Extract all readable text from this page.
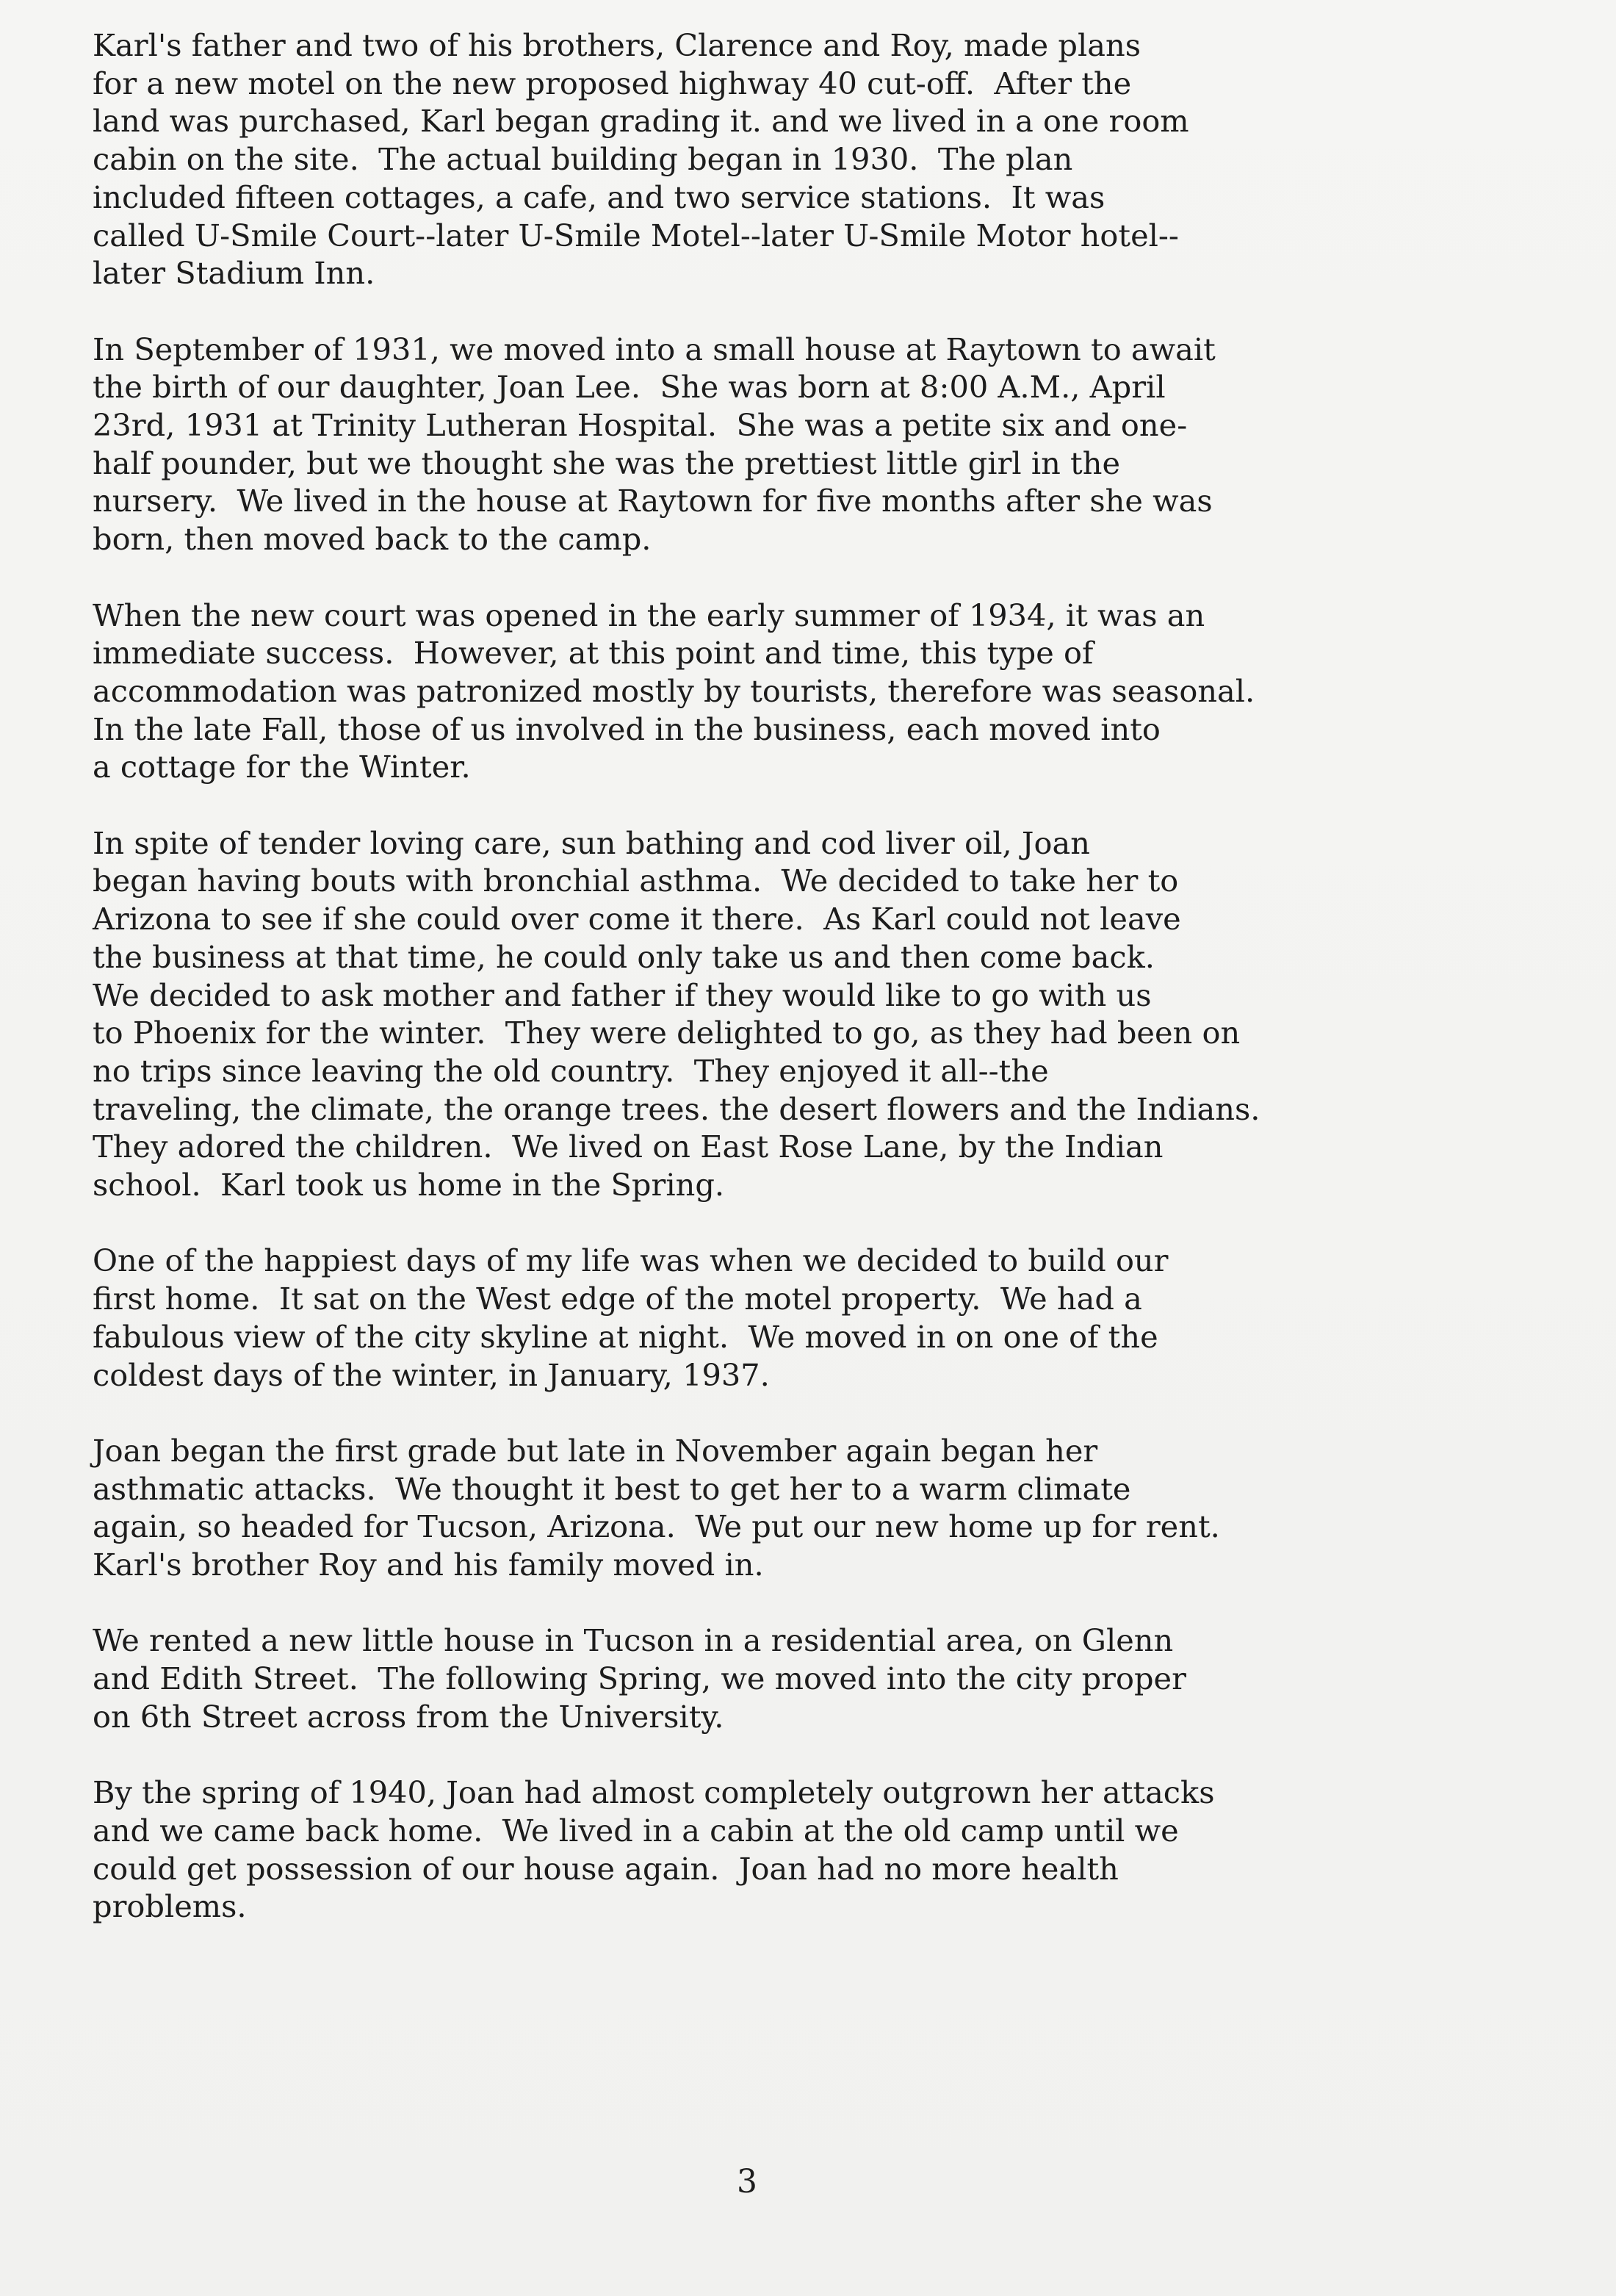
Karl's father and two of his brothers, Clarence and Roy, made plans
for a new motel on the new proposed highway 40 cut-off.  After the
land was purchased, Karl began grading it. and we lived in a one room
cabin on the site.  The actual building began in 1930.  The plan
included fifteen cottages, a cafe, and two service stations.  It was
called U-Smile Court--later U-Smile Motel--later U-Smile Motor hotel--
later Stadium Inn.
In September of 1931, we moved into a small house at Raytown to await
the birth of our daughter, Joan Lee.  She was born at 8:00 A.M., April
23rd, 1931 at Trinity Lutheran Hospital.  She was a petite six and one-
half pounder, but we thought she was the prettiest little girl in the
nursery.  We lived in the house at Raytown for five months after she was
born, then moved back to the camp.
When the new court was opened in the early summer of 1934, it was an
immediate success.  However, at this point and time, this type of
accommodation was patronized mostly by tourists, therefore was seasonal.
In the late Fall, those of us involved in the business, each moved into
a cottage for the Winter.
In spite of tender loving care, sun bathing and cod liver oil, Joan
began having bouts with bronchial asthma.  We decided to take her to
Arizona to see if she could over come it there.  As Karl could not leave
the business at that time, he could only take us and then come back.
We decided to ask mother and father if they would like to go with us
to Phoenix for the winter.  They were delighted to go, as they had been on
no trips since leaving the old country.  They enjoyed it all--the
traveling, the climate, the orange trees. the desert flowers and the Indians.
They adored the children.  We lived on East Rose Lane, by the Indian
school.  Karl took us home in the Spring.
One of the happiest days of my life was when we decided to build our
first home.  It sat on the West edge of the motel property.  We had a
fabulous view of the city skyline at night.  We moved in on one of the
coldest days of the winter, in January, 1937.
Joan began the first grade but late in November again began her
asthmatic attacks.  We thought it best to get her to a warm climate
again, so headed for Tucson, Arizona.  We put our new home up for rent.
Karl's brother Roy and his family moved in.
We rented a new little house in Tucson in a residential area, on Glenn
and Edith Street.  The following Spring, we moved into the city proper
on 6th Street across from the University.
By the spring of 1940, Joan had almost completely outgrown her attacks
and we came back home.  We lived in a cabin at the old camp until we
could get possession of our house again.  Joan had no more health
problems.
3
